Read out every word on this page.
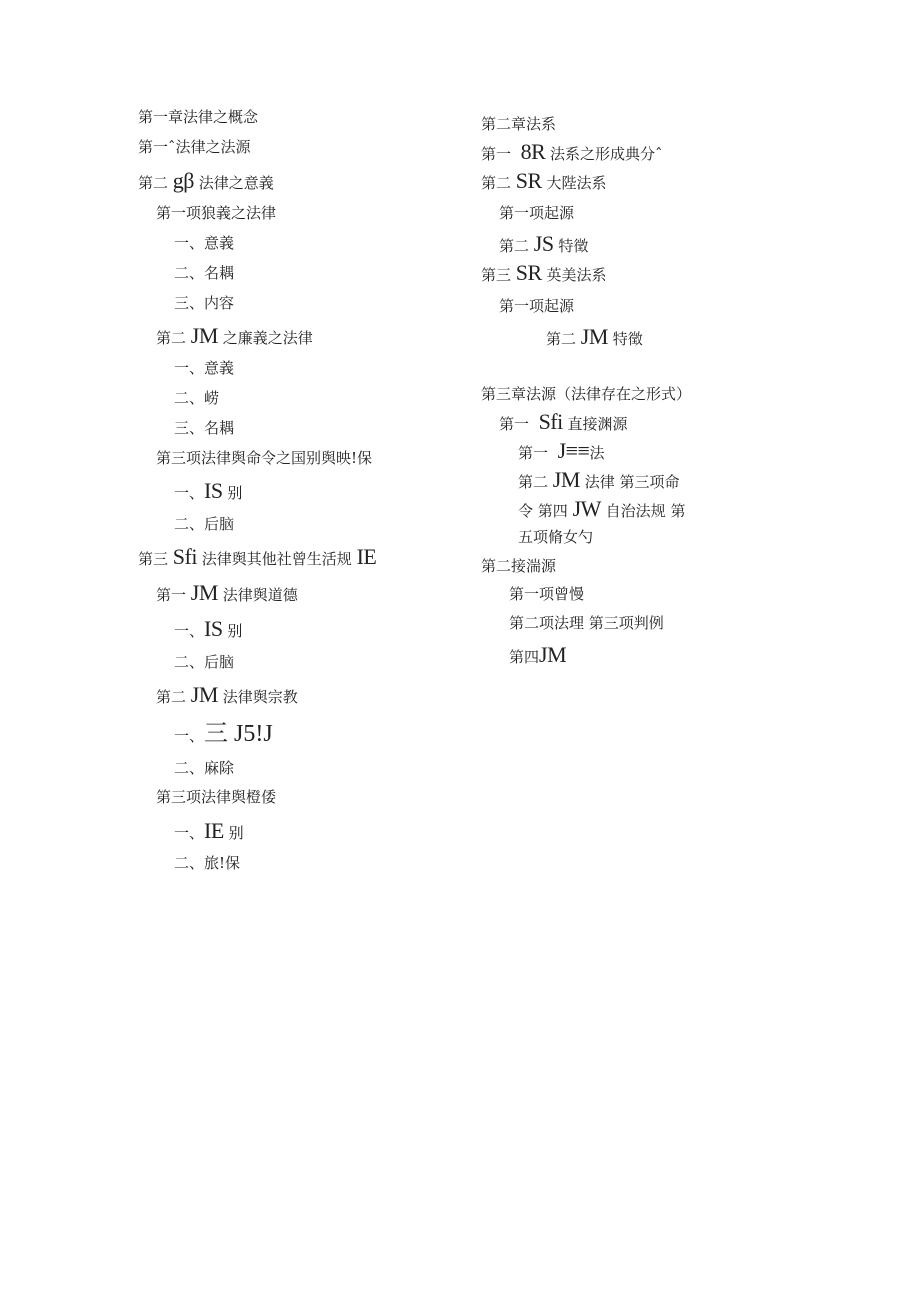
第一章法律之概念
第一ˆ法律之法源
第二 gβ 法律之意義
第一项狼義之法律
一、意義
二、名耦
三、内容
第二 JM 之廉義之法律
一、意義
二、崂
三、名耦
第三项法律舆命令之国别舆映!保
一、IS 别
二、后脑
第三 Sfi 法律舆其他社曾生活规 IE
第一 JM 法律舆道德
一、IS 别
二、后脑
第二 JM 法律舆宗教
一、三 J5!J
二、麻除
第三项法律舆橙倭
一、IE 别
二、旅!保
第二章法系
第一 8R 法系之形成典分ˆ
第二 SR 大陛法系
第一项起源
第二 JS 特徵
第三 SR 英美法系
第一项起源
第二 JM 特徵
第三章法源（法律存在之形式）
第一 Sfi 直接渊源
第一 J≡≡法
第二 JM 法律 第三项命
令 第四 JW 自治法规 第
五项脩女勺
第二接湍源
第一项曾慢
第二项法理 第三项判例
第四JM
